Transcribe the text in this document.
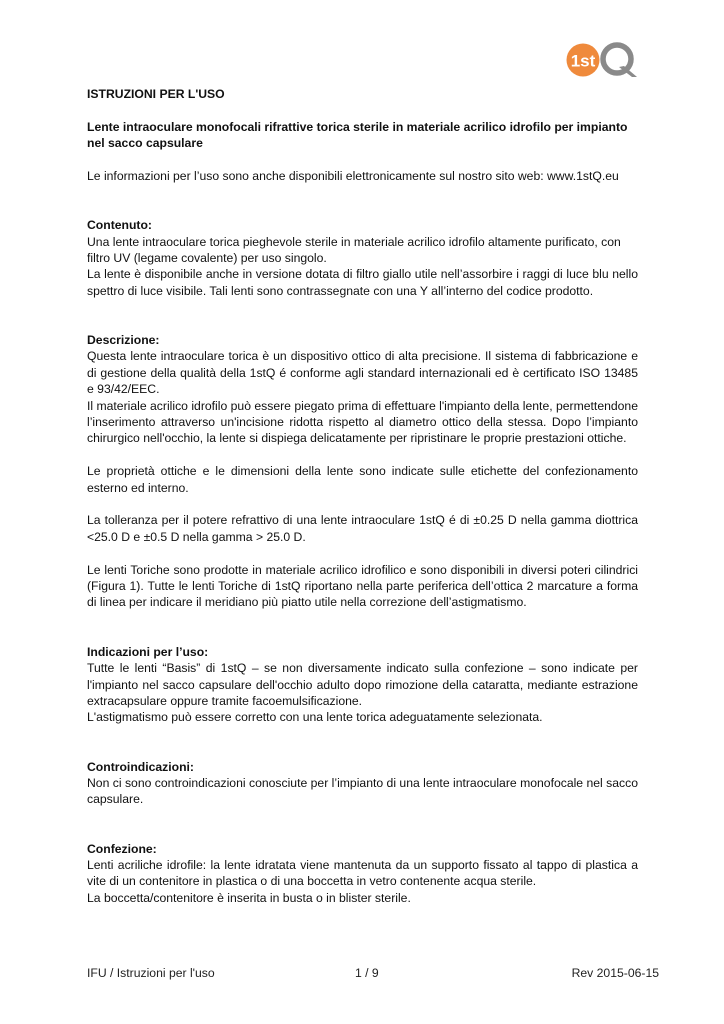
1st

ISTRUZIONI PER L'USO

Lente intraoculare monofocali rifrattive torica sterile in materiale acrilico idrofilo per impianto nel sacco capsulare

Le informazioni per l’uso sono anche disponibili elettronicamente sul nostro sito web: www.1stQ.eu

Contenuto:

Una lente intraoculare torica pieghevole sterile in materiale acrilico idrofilo altamente purificato, con filtro UV (legame covalente) per uso singolo.

La lente è disponibile anche in versione dotata di filtro giallo utile nell’assorbire i raggi di luce blu nello spettro di luce visibile. Tali lenti sono contrassegnate con una Y all’interno del codice prodotto.

Descrizione:

Questa lente intraoculare torica è un dispositivo ottico di alta precisione. Il sistema di fabbricazione e di gestione della qualità della 1stQ é conforme agli standard internazionali ed è certificato ISO 13485 e 93/42/EEC.

Il materiale acrilico idrofilo può essere piegato prima di effettuare l'impianto della lente, permettendone l’inserimento attraverso un'incisione ridotta rispetto al diametro ottico della stessa. Dopo l’impianto chirurgico nell'occhio, la lente si dispiega delicatamente per ripristinare le proprie prestazioni ottiche.

Le proprietà ottiche e le dimensioni della lente sono indicate sulle etichette del confezionamento esterno ed interno.

La tolleranza per il potere refrattivo di una lente intraoculare 1stQ é di ±0.25 D nella gamma diottrica <25.0 D e ±0.5 D nella gamma > 25.0 D.

Le lenti Toriche sono prodotte in materiale acrilico idrofilico e sono disponibili in diversi poteri cilindrici (Figura 1). Tutte le lenti Toriche di 1stQ riportano nella parte periferica dell’ottica 2 marcature a forma di linea per indicare il meridiano più piatto utile nella correzione dell’astigmatismo.

Indicazioni per l’uso:

Tutte le lenti “Basis” di 1stQ – se non diversamente indicato sulla confezione – sono indicate per l'impianto nel sacco capsulare dell'occhio adulto dopo rimozione della cataratta, mediante estrazione extracapsulare oppure tramite facoemulsificazione.

L'astigmatismo può essere corretto con una lente torica adeguatamente selezionata.

Controindicazioni:

Non ci sono controindicazioni conosciute per l’impianto di una lente intraoculare monofocale nel sacco capsulare.

Confezione:

Lenti acriliche idrofile: la lente idratata viene mantenuta da un supporto fissato al tappo di plastica a vite di un contenitore in plastica o di una boccetta in vetro contenente acqua sterile.

La boccetta/contenitore è inserita in busta o in blister sterile.

IFU / Istruzioni per l'uso	1 / 9	Rev 2015-06-15
